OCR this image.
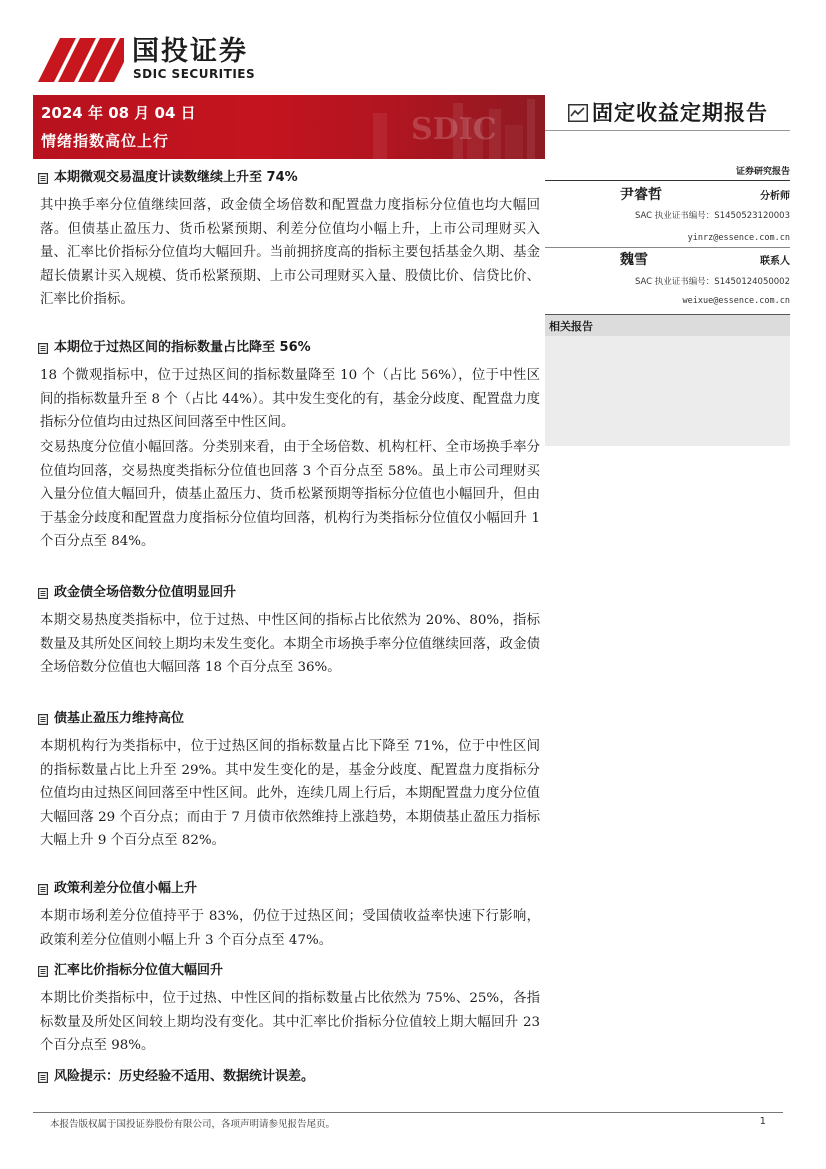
国投证券
SDIC SECURITIES
SDIC
2024 年 08 月 04 日
情绪指数高位上行
固定收益定期报告
证券研究报告
尹睿哲	分析师
SAC 执业证书编号：S1450523120003
yinrz@essence.com.cn
魏雪	联系人
SAC 执业证书编号：S1450124050002
weixue@essence.com.cn
相关报告
本期微观交易温度计读数继续上升至 74%
其中换手率分位值继续回落，政金债全场倍数和配置盘力度指标分位值也均大幅回落。但债基止盈压力、货币松紧预期、利差分位值均小幅上升，上市公司理财买入量、汇率比价指标分位值均大幅回升。当前拥挤度高的指标主要包括基金久期、基金超长债累计买入规模、货币松紧预期、上市公司理财买入量、股债比价、信贷比价、汇率比价指标。
本期位于过热区间的指标数量占比降至 56%
18 个微观指标中，位于过热区间的指标数量降至 10 个（占比 56%），位于中性区间的指标数量升至 8 个（占比 44%）。其中发生变化的有，基金分歧度、配置盘力度指标分位值均由过热区间回落至中性区间。
交易热度分位值小幅回落。分类别来看，由于全场倍数、机构杠杆、全市场换手率分位值均回落，交易热度类指标分位值也回落 3 个百分点至 58%。虽上市公司理财买入量分位值大幅回升，债基止盈压力、货币松紧预期等指标分位值也小幅回升，但由于基金分歧度和配置盘力度指标分位值均回落，机构行为类指标分位值仅小幅回升 1 个百分点至 84%。
政金债全场倍数分位值明显回升
本期交易热度类指标中，位于过热、中性区间的指标占比依然为 20%、80%，指标数量及其所处区间较上期均未发生变化。本期全市场换手率分位值继续回落，政金债全场倍数分位值也大幅回落 18 个百分点至 36%。
债基止盈压力维持高位
本期机构行为类指标中，位于过热区间的指标数量占比下降至 71%，位于中性区间的指标数量占比上升至 29%。其中发生变化的是，基金分歧度、配置盘力度指标分位值均由过热区间回落至中性区间。此外，连续几周上行后，本期配置盘力度分位值大幅回落 29 个百分点；而由于 7 月债市依然维持上涨趋势，本期债基止盈压力指标大幅上升 9 个百分点至 82%。
政策利差分位值小幅上升
本期市场利差分位值持平于 83%，仍位于过热区间；受国债收益率快速下行影响，政策利差分位值则小幅上升 3 个百分点至 47%。
汇率比价指标分位值大幅回升
本期比价类指标中，位于过热、中性区间的指标数量占比依然为 75%、25%，各指标数量及所处区间较上期均没有变化。其中汇率比价指标分位值较上期大幅回升 23 个百分点至 98%。
风险提示：历史经验不适用、数据统计误差。
本报告版权属于国投证券股份有限公司，各项声明请参见报告尾页。	1
